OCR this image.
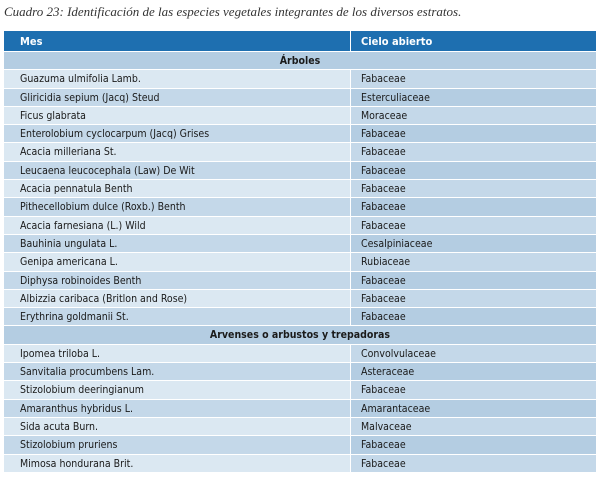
Cuadro 23: Identificación de las especies vegetales integrantes de los diversos estratos.
Mes	Cielo abierto
Árboles
Guazuma ulmifolia Lamb.	Fabaceae
Gliricidia sepium (Jacq) Steud	Esterculiaceae
Ficus glabrata	Moraceae
Enterolobium cyclocarpum (Jacq) Grises	Fabaceae
Acacia milleriana St.	Fabaceae
Leucaena leucocephala (Law) De Wit	Fabaceae
Acacia pennatula Benth	Fabaceae
Pithecellobium dulce (Roxb.) Benth	Fabaceae
Acacia farnesiana (L.) Wild	Fabaceae
Bauhinia ungulata L.	Cesalpiniaceae
Genipa americana L.	Rubiaceae
Diphysa robinoides Benth	Fabaceae
Albizzia caribaca (Britlon and Rose)	Fabaceae
Erythrina goldmanii St.	Fabaceae
Arvenses o arbustos y trepadoras
Ipomea triloba L.	Convolvulaceae
Sanvitalia procumbens Lam.	Asteraceae
Stizolobium deeringianum	Fabaceae
Amaranthus hybridus L.	Amarantaceae
Sida acuta Burn.	Malvaceae
Stizolobium pruriens	Fabaceae
Mimosa hondurana Brit.	Fabaceae
